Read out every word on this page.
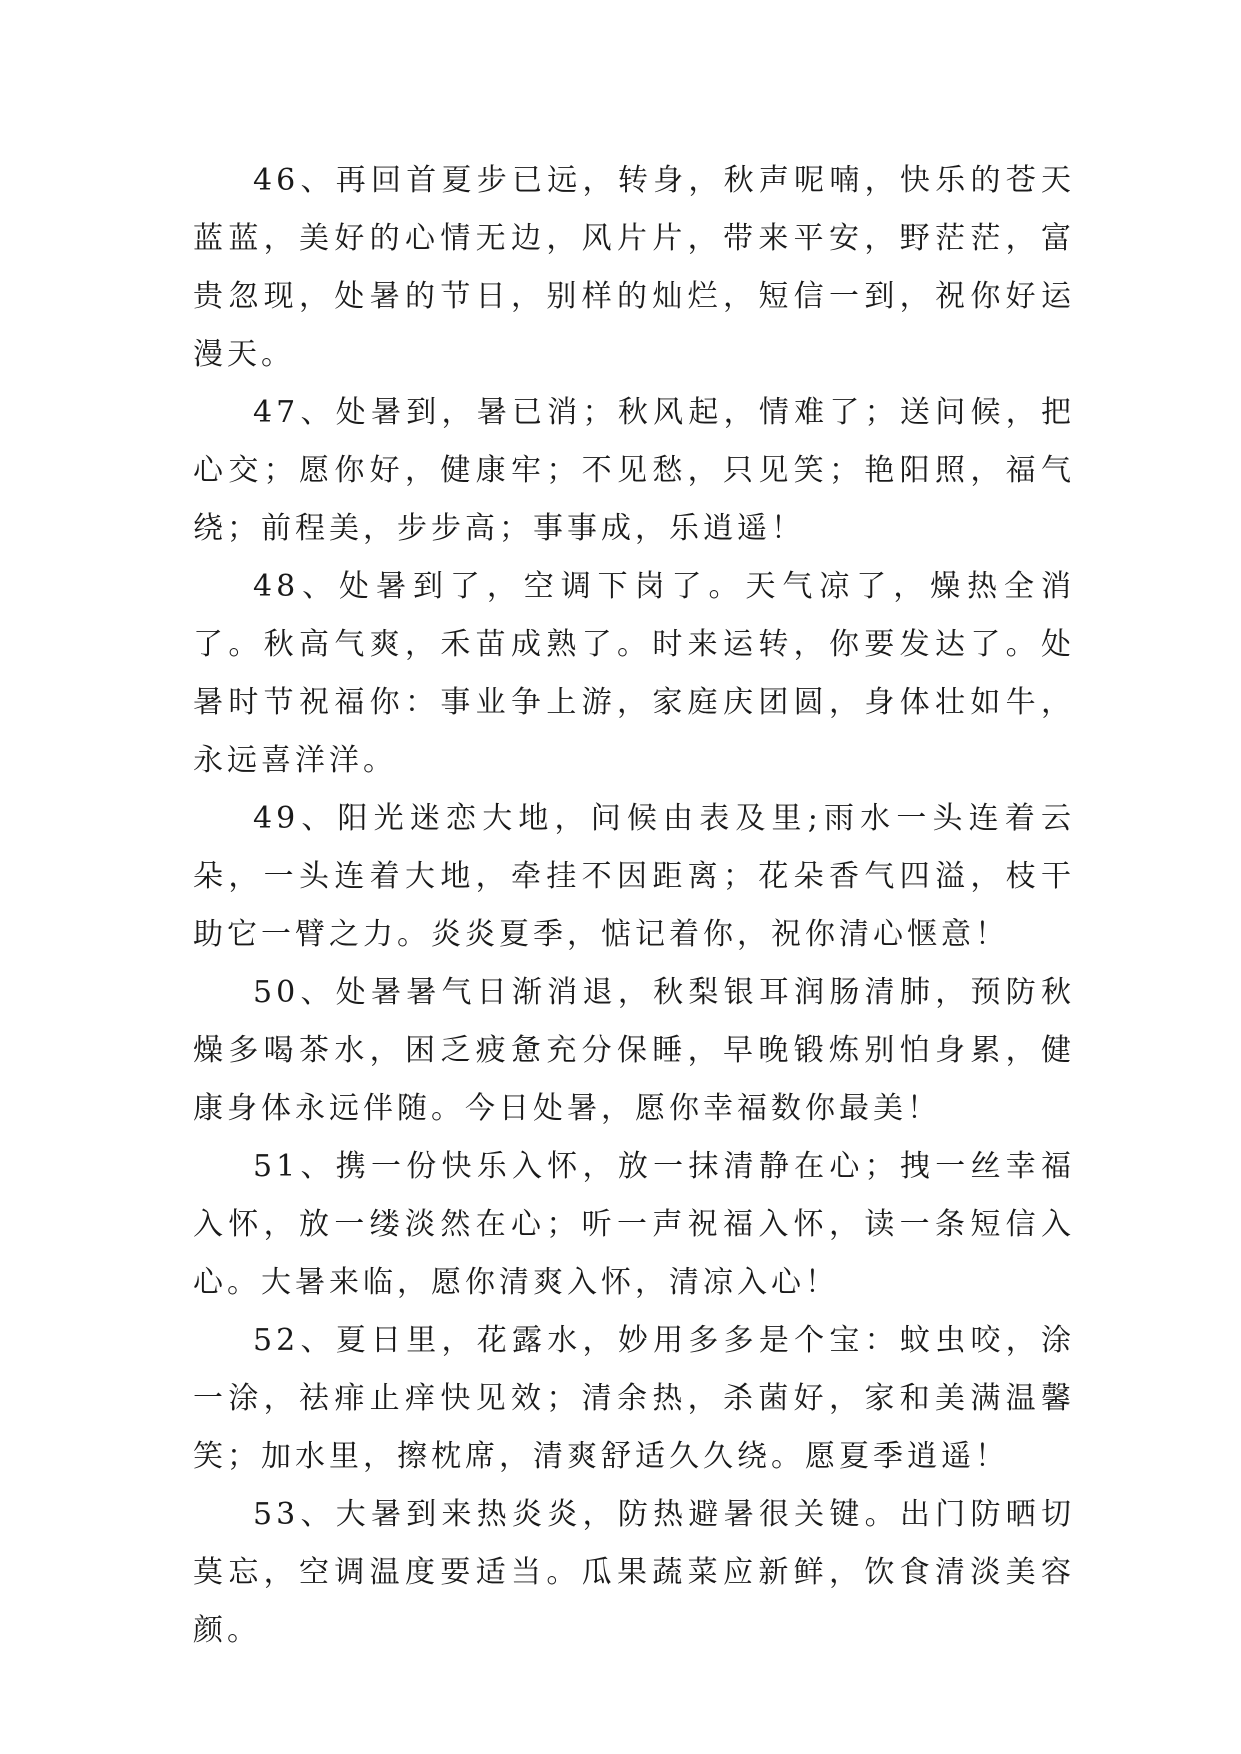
46、再回首夏步已远，转身，秋声呢喃，快乐的苍天蓝蓝，美好的心情无边，风片片，带来平安，野茫茫，富贵忽现，处暑的节日，别样的灿烂，短信一到，祝你好运漫天。

47、处暑到，暑已消；秋风起，情难了；送问候，把心交；愿你好，健康牢；不见愁，只见笑；艳阳照，福气绕；前程美，步步高；事事成，乐逍遥！

48、处暑到了，空调下岗了。天气凉了，燥热全消了。秋高气爽，禾苗成熟了。时来运转，你要发达了。处暑时节祝福你：事业争上游，家庭庆团圆，身体壮如牛，永远喜洋洋。

49、阳光迷恋大地，问候由表及里;雨水一头连着云朵，一头连着大地，牵挂不因距离；花朵香气四溢，枝干助它一臂之力。炎炎夏季，惦记着你，祝你清心惬意！

50、处暑暑气日渐消退，秋梨银耳润肠清肺，预防秋燥多喝茶水，困乏疲惫充分保睡，早晚锻炼别怕身累，健康身体永远伴随。今日处暑，愿你幸福数你最美！

51、携一份快乐入怀，放一抹清静在心；拽一丝幸福入怀，放一缕淡然在心；听一声祝福入怀，读一条短信入心。大暑来临，愿你清爽入怀，清凉入心！

52、夏日里，花露水，妙用多多是个宝：蚊虫咬，涂一涂，祛痱止痒快见效；清余热，杀菌好，家和美满温馨笑；加水里，擦枕席，清爽舒适久久绕。愿夏季逍遥！

53、大暑到来热炎炎，防热避暑很关键。出门防晒切莫忘，空调温度要适当。瓜果蔬菜应新鲜，饮食清淡美容颜。
